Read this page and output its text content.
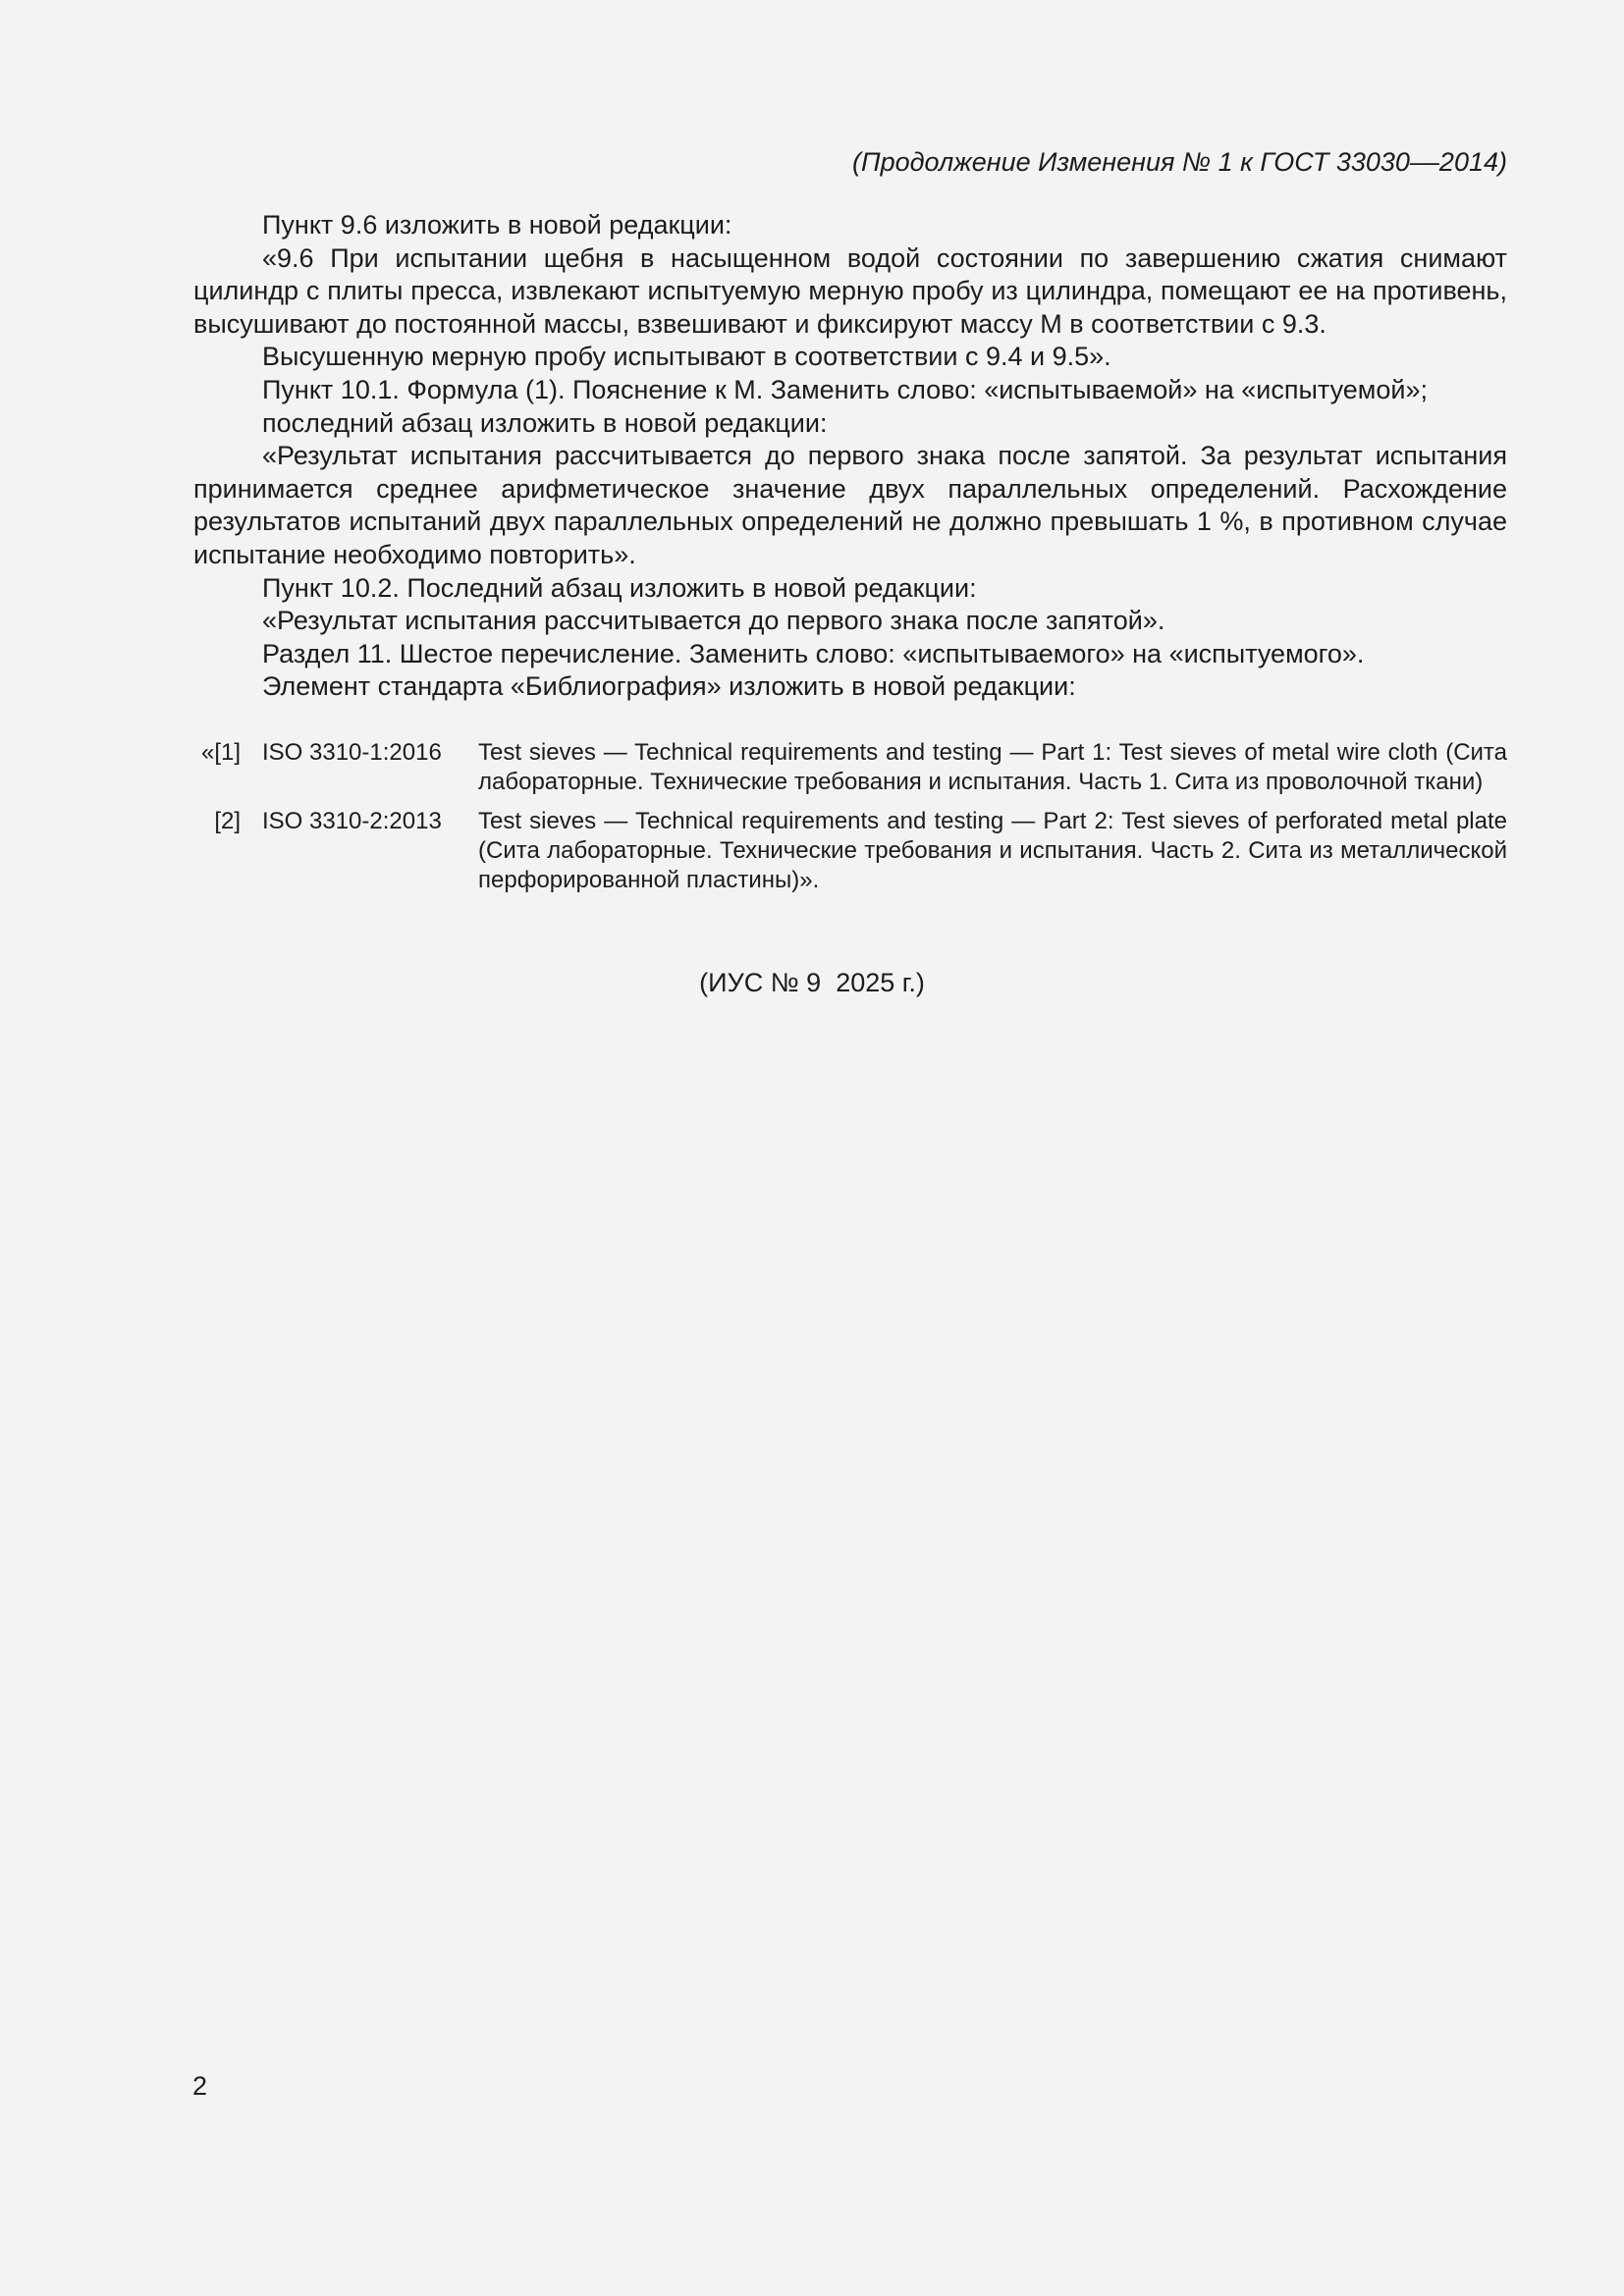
(Продолжение Изменения № 1 к ГОСТ 33030––2014)

Пункт 9.6 изложить в новой редакции:

«9.6 При испытании щебня в насыщенном водой состоянии по завершению сжатия снимают цилиндр с плиты пресса, извлекают испытуемую мерную пробу из цилиндра, помещают ее на противень, высушивают до постоянной массы, взвешивают и фиксируют массу М в соответствии с 9.3.

Высушенную мерную пробу испытывают в соответствии с 9.4 и 9.5».

Пункт 10.1. Формула (1). Пояснение к М. Заменить слово: «испытываемой» на «испытуемой»;

последний абзац изложить в новой редакции:

«Результат испытания рассчитывается до первого знака после запятой. За результат испытания принимается среднее арифметическое значение двух параллельных определений. Расхождение результатов испытаний двух параллельных определений не должно превышать 1 %, в противном случае испытание необходимо повторить».

Пункт 10.2. Последний абзац изложить в новой редакции:

«Результат испытания рассчитывается до первого знака после запятой».

Раздел 11. Шестое перечисление. Заменить слово: «испытываемого» на «испытуемого».

Элемент стандарта «Библиография» изложить в новой редакции:

«[1] ISO 3310-1:2016	Test sieves — Technical requirements and testing — Part 1: Test sieves of metal wire cloth (Сита лабораторные. Технические требования и испытания. Часть 1. Сита из проволочной ткани)
[2] ISO 3310-2:2013	Test sieves — Technical requirements and testing — Part 2: Test sieves of perforated metal plate (Сита лабораторные. Технические требования и испытания. Часть 2. Сита из металлической перфорированной пластины)».
(ИУС № 9  2025 г.)
2
